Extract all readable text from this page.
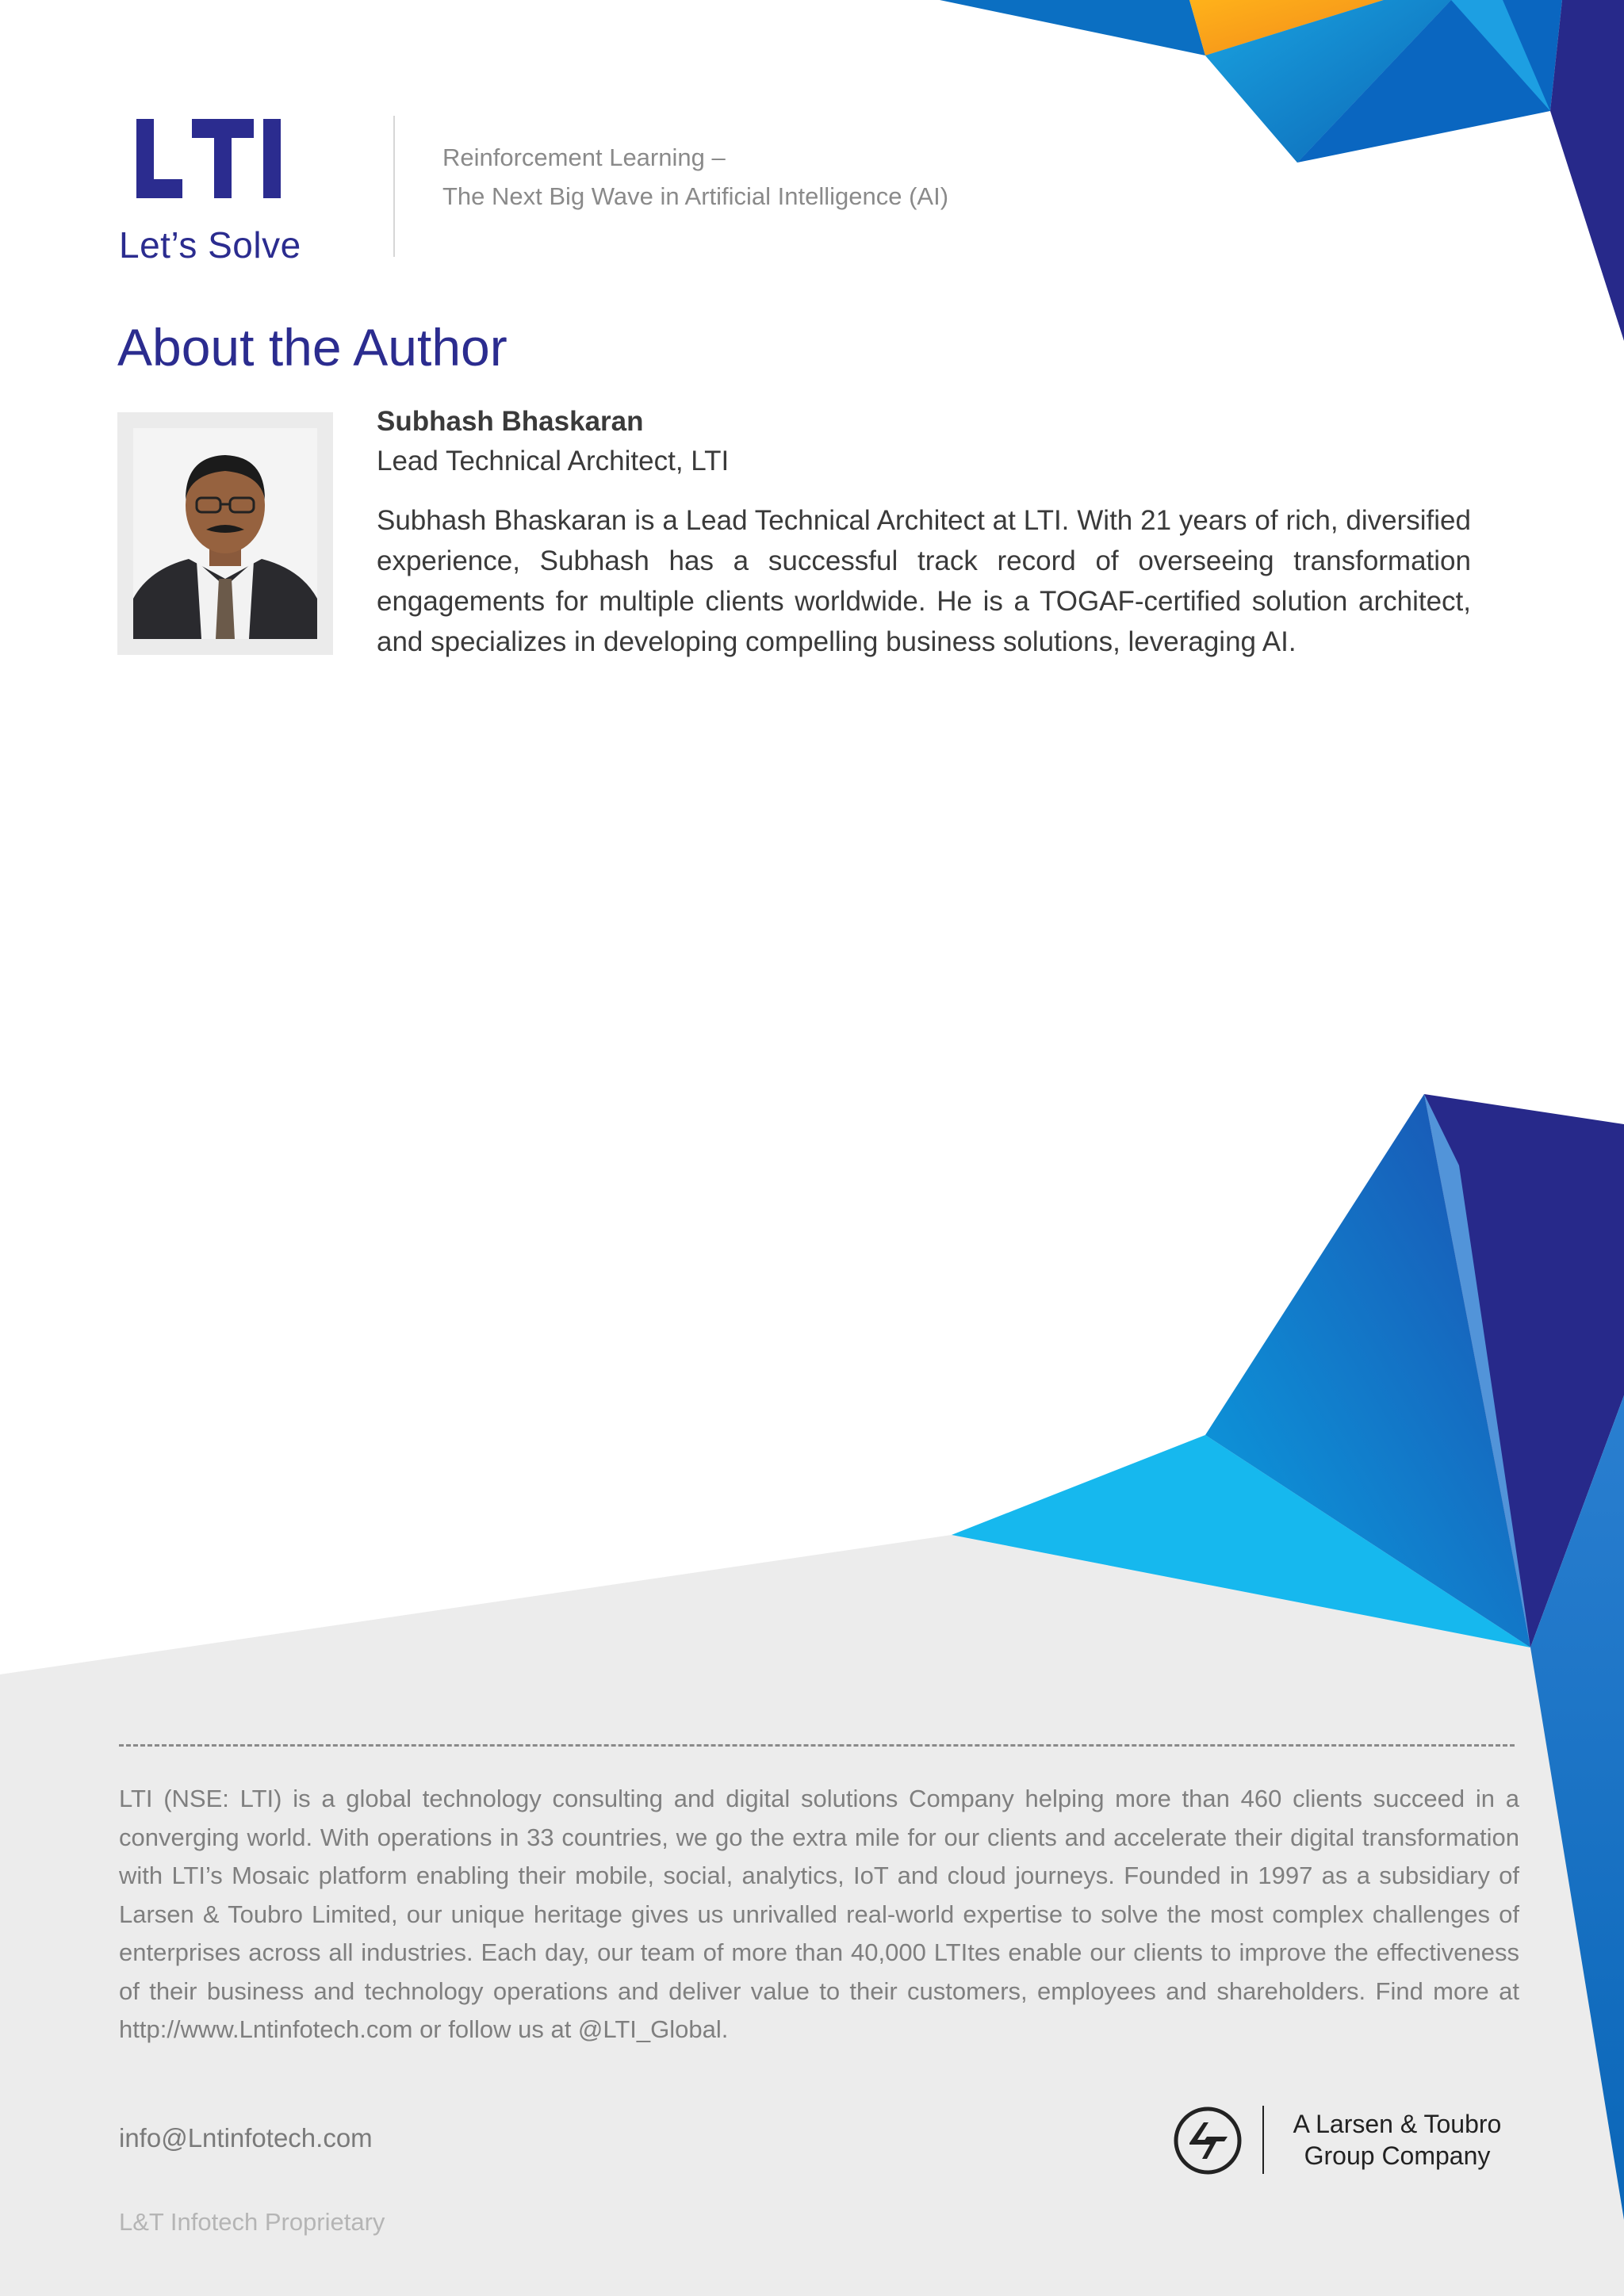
Let’s Solve
Reinforcement Learning –
The Next Big Wave in Artificial Intelligence (AI)
About the Author
Subhash Bhaskaran
Lead Technical Architect, LTI
Subhash Bhaskaran is a Lead Technical Architect at LTI. With 21 years of rich, diversified experience, Subhash has a successful track record of overseeing transformation engagements for multiple clients worldwide. He is a TOGAF-certified solution architect, and specializes in developing compelling business solutions, leveraging AI.
LTI (NSE: LTI) is a global technology consulting and digital solutions Company helping more than 460 clients succeed in a converging world. With operations in 33 countries, we go the extra mile for our clients and accelerate their digital transformation with LTI’s Mosaic platform enabling their mobile, social, analytics, IoT and cloud journeys. Founded in 1997 as a subsidiary of Larsen & Toubro Limited, our unique heritage gives us unrivalled real-world expertise to solve the most complex challenges of enterprises across all industries. Each day, our team of more than 40,000 LTItes enable our clients to improve the effectiveness of their business and technology operations and deliver value to their customers, employees and shareholders. Find more at http://www.Lntinfotech.com or follow us at @LTI_Global.
info@Lntinfotech.com
L&T Infotech Proprietary
A Larsen & Toubro
Group Company
